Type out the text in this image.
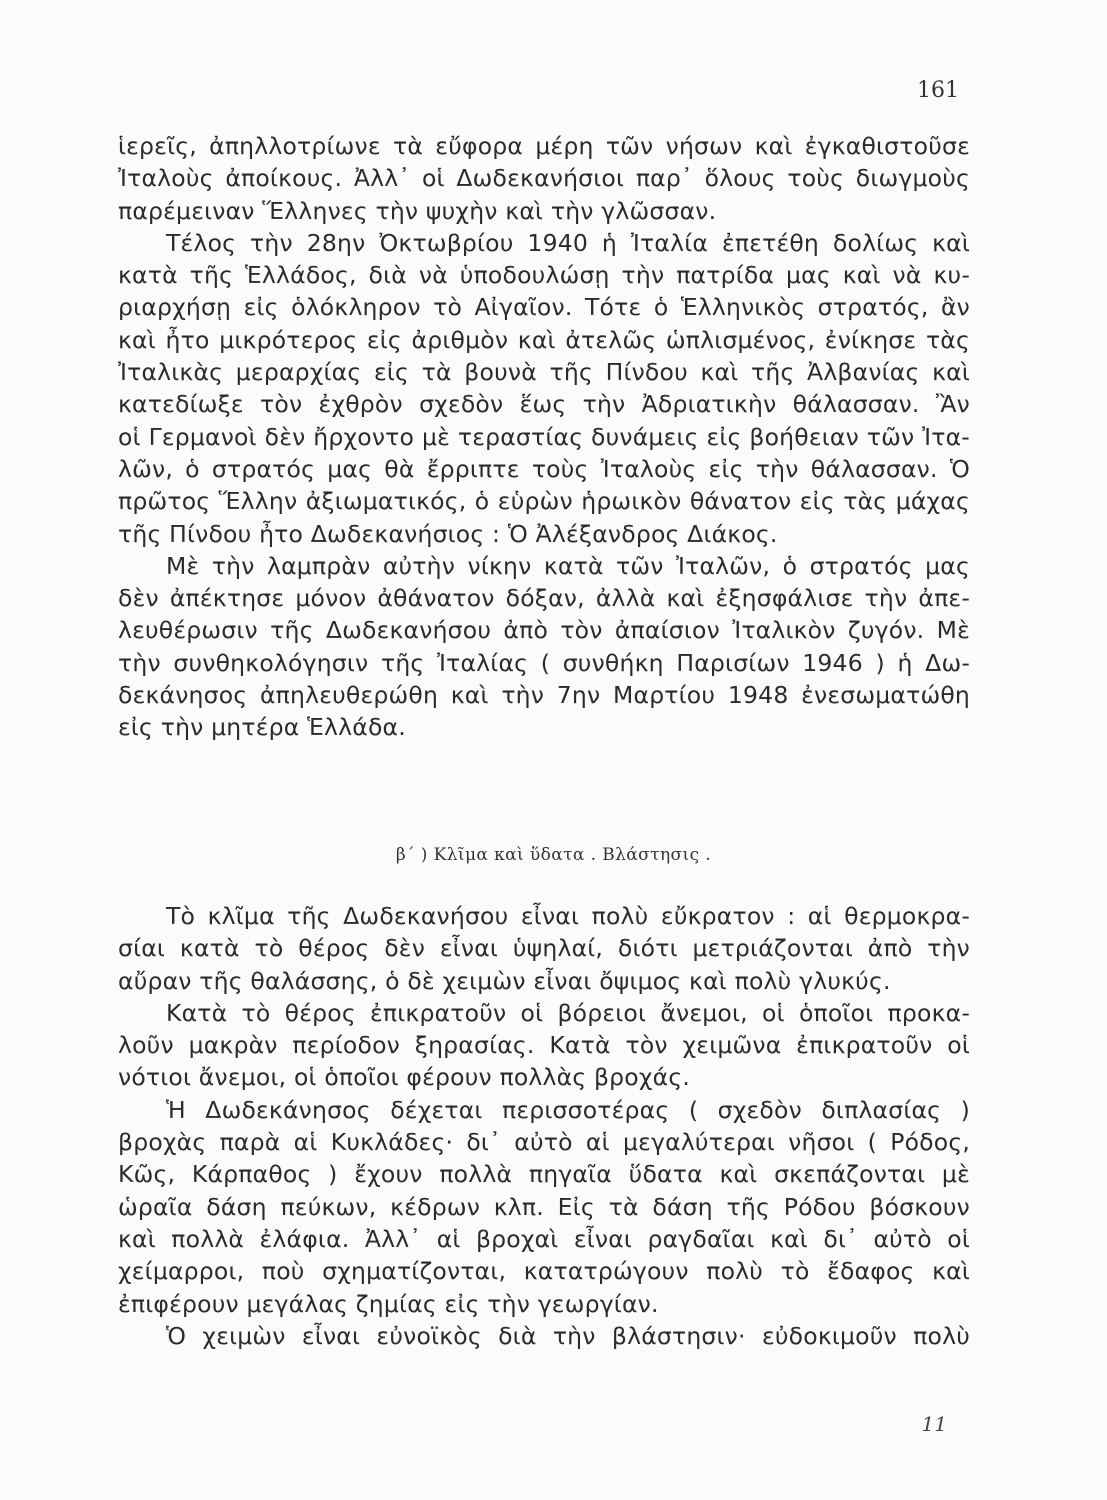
161
ἱερεῖς, ἀπηλλοτρίωνε τὰ εὔφορα μέρη τῶν νήσων καὶ ἐγκαθιστοῦσε
Ἰταλοὺς ἀποίκους. Ἀλλ᾽ οἱ Δωδεκανήσιοι παρ᾽ ὅλους τοὺς διωγμοὺς
παρέμειναν Ἕλληνες τὴν ψυχὴν καὶ τὴν γλῶσσαν.
Τέλος τὴν 28ην Ὀκτωβρίου 1940 ἡ Ἰταλία ἐπετέθη δολίως καὶ
κατὰ τῆς Ἑλλάδος, διὰ νὰ ὑποδουλώσῃ τὴν πατρίδα μας καὶ νὰ κυ-
ριαρχήσῃ εἰς ὁλόκληρον τὸ Αἰγαῖον. Τότε ὁ Ἑλληνικὸς στρατός, ἂν
καὶ ἦτο μικρότερος εἰς ἀριθμὸν καὶ ἀτελῶς ὡπλισμένος, ἐνίκησε τὰς
Ἰταλικὰς μεραρχίας εἰς τὰ βουνὰ τῆς Πίνδου καὶ τῆς Ἀλβανίας καὶ
κατεδίωξε τὸν ἐχθρὸν σχεδὸν ἕως τὴν Ἀδριατικὴν θάλασσαν. Ἂν
οἱ Γερμανοὶ δὲν ἤρχοντο μὲ τεραστίας δυνάμεις εἰς βοήθειαν τῶν Ἰτα-
λῶν, ὁ στρατός μας θὰ ἔρριπτε τοὺς Ἰταλοὺς εἰς τὴν θάλασσαν. Ὁ
πρῶτος Ἕλλην ἀξιωματικός, ὁ εὑρὼν ἡρωικὸν θάνατον εἰς τὰς μάχας
τῆς Πίνδου ἦτο Δωδεκανήσιος : Ὁ Ἀλέξανδρος Διάκος.
Μὲ τὴν λαμπρὰν αὐτὴν νίκην κατὰ τῶν Ἰταλῶν, ὁ στρατός μας
δὲν ἀπέκτησε μόνον ἀθάνατον δόξαν, ἀλλὰ καὶ ἐξησφάλισε τὴν ἀπε-
λευθέρωσιν τῆς Δωδεκανήσου ἀπὸ τὸν ἀπαίσιον Ἰταλικὸν ζυγόν. Μὲ
τὴν συνθηκολόγησιν τῆς Ἰταλίας ( συνθήκη Παρισίων 1946 ) ἡ Δω-
δεκάνησος ἀπηλευθερώθη καὶ τὴν 7ην Μαρτίου 1948 ἐνεσωματώθη
εἰς τὴν μητέρα Ἑλλάδα.
β΄ ) Κλῖμα καὶ ὕδατα . Βλάστησις .
Τὸ κλῖμα τῆς Δωδεκανήσου εἶναι πολὺ εὔκρατον : αἱ θερμοκρα-
σίαι κατὰ τὸ θέρος δὲν εἶναι ὑψηλαί, διότι μετριάζονται ἀπὸ τὴν
αὔραν τῆς θαλάσσης, ὁ δὲ χειμὼν εἶναι ὄψιμος καὶ πολὺ γλυκύς.
Κατὰ τὸ θέρος ἐπικρατοῦν οἱ βόρειοι ἄνεμοι, οἱ ὁποῖοι προκα-
λοῦν μακρὰν περίοδον ξηρασίας. Κατὰ τὸν χειμῶνα ἐπικρατοῦν οἱ
νότιοι ἄνεμοι, οἱ ὁποῖοι φέρουν πολλὰς βροχάς.
Ἡ Δωδεκάνησος δέχεται περισσοτέρας ( σχεδὸν διπλασίας )
βροχὰς παρὰ αἱ Κυκλάδες· δι᾽ αὐτὸ αἱ μεγαλύτεραι νῆσοι ( Ρόδος,
Κῶς, Κάρπαθος ) ἔχουν πολλὰ πηγαῖα ὕδατα καὶ σκεπάζονται μὲ
ὡραῖα δάση πεύκων, κέδρων κλπ. Εἰς τὰ δάση τῆς Ρόδου βόσκουν
καὶ πολλὰ ἐλάφια. Ἀλλ᾽ αἱ βροχαὶ εἶναι ραγδαῖαι καὶ δι᾽ αὐτὸ οἱ
χείμαρροι, ποὺ σχηματίζονται, κατατρώγουν πολὺ τὸ ἔδαφος καὶ
ἐπιφέρουν μεγάλας ζημίας εἰς τὴν γεωργίαν.
Ὁ χειμὼν εἶναι εὐνοϊκὸς διὰ τὴν βλάστησιν· εὐδοκιμοῦν πολὺ
11
